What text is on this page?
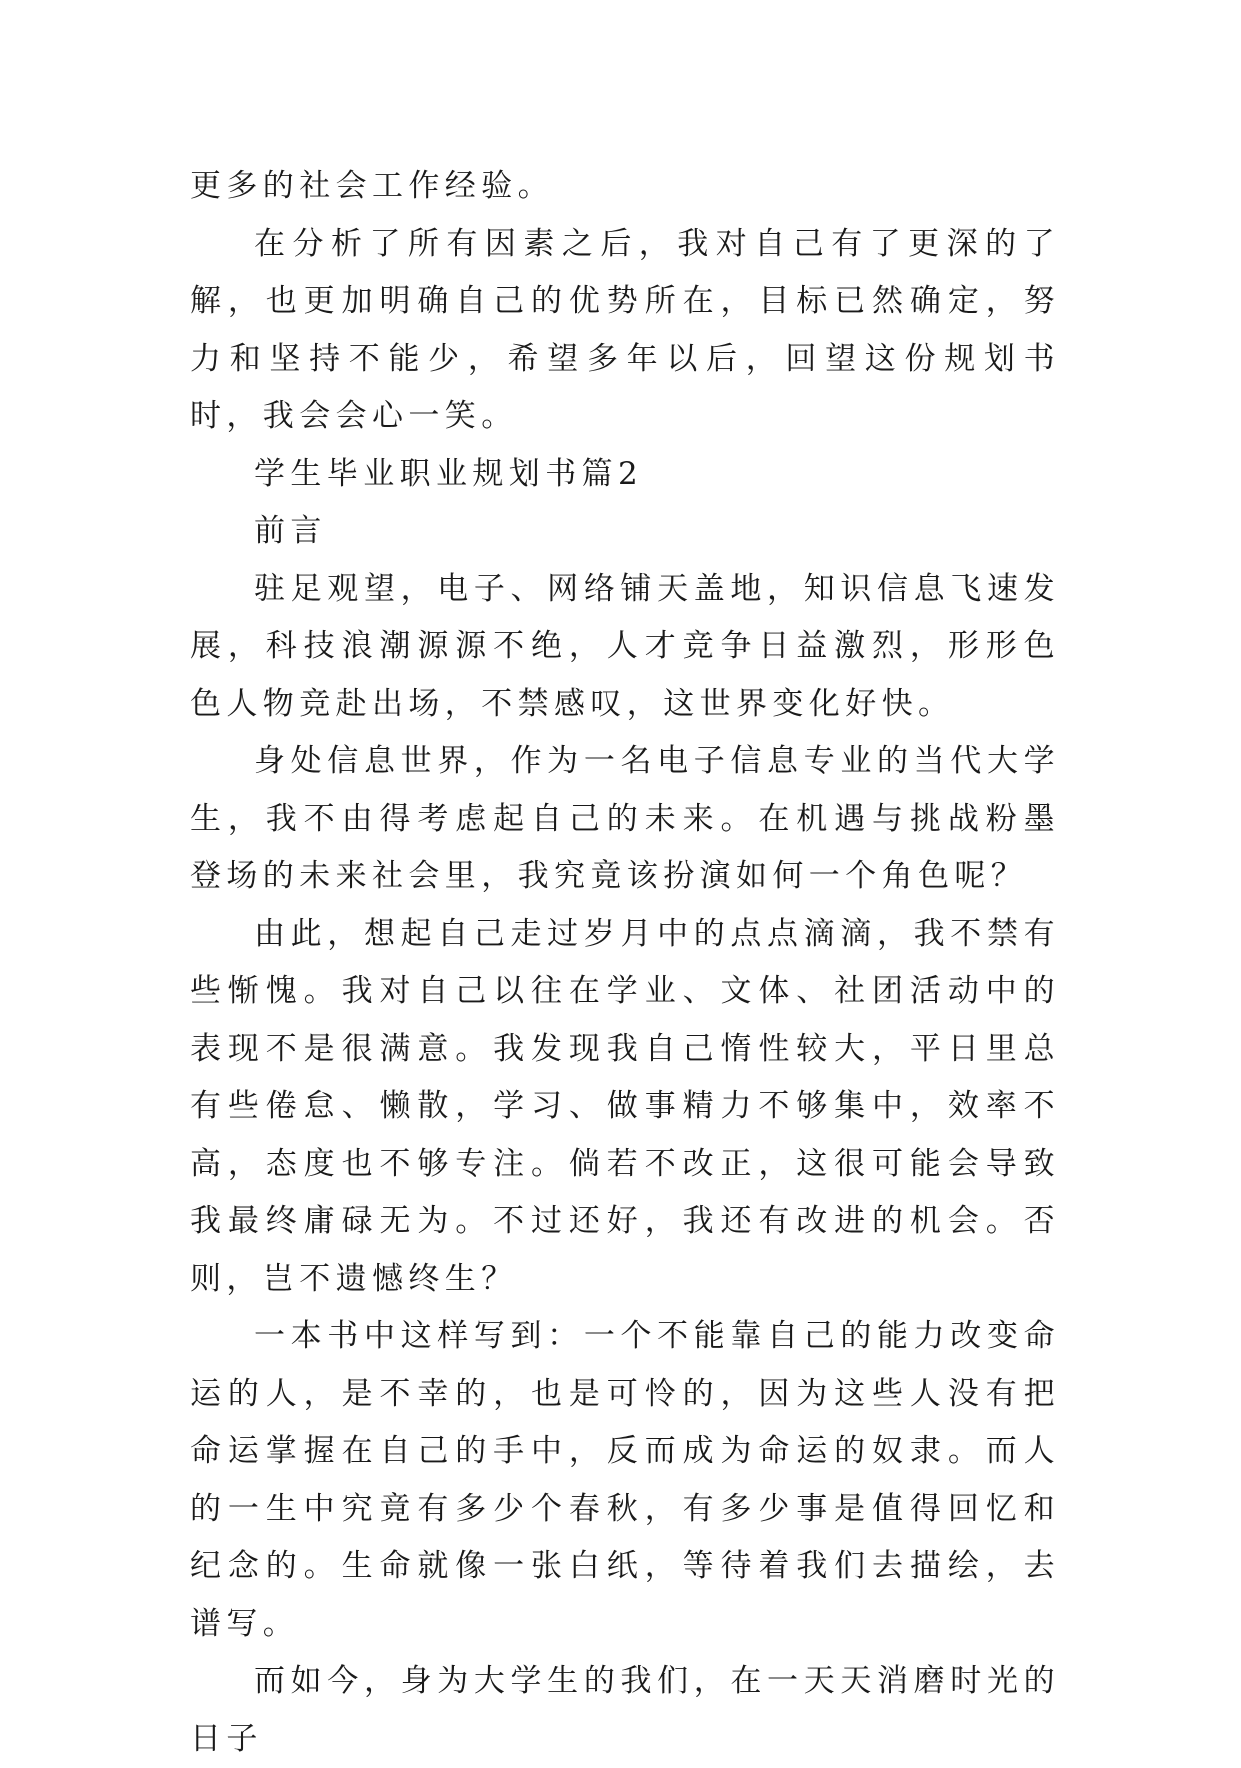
更多的社会工作经验。

在分析了所有因素之后，我对自己有了更深的了解，也更加明确自己的优势所在，目标已然确定，努力和坚持不能少，希望多年以后，回望这份规划书时，我会会心一笑。

学生毕业职业规划书篇2

前言

驻足观望，电子、网络铺天盖地，知识信息飞速发展，科技浪潮源源不绝，人才竞争日益激烈，形形色色人物竞赴出场，不禁感叹，这世界变化好快。

身处信息世界，作为一名电子信息专业的当代大学生，我不由得考虑起自己的未来。在机遇与挑战粉墨登场的未来社会里，我究竟该扮演如何一个角色呢？

由此，想起自己走过岁月中的点点滴滴，我不禁有些惭愧。我对自己以往在学业、文体、社团活动中的表现不是很满意。我发现我自己惰性较大，平日里总有些倦怠、懒散，学习、做事精力不够集中，效率不高，态度也不够专注。倘若不改正，这很可能会导致我最终庸碌无为。不过还好，我还有改进的机会。否则，岂不遗憾终生？

一本书中这样写到：一个不能靠自己的能力改变命运的人，是不幸的，也是可怜的，因为这些人没有把命运掌握在自己的手中，反而成为命运的奴隶。而人的一生中究竟有多少个春秋，有多少事是值得回忆和纪念的。生命就像一张白纸，等待着我们去描绘，去谱写。

而如今，身为大学生的我们，在一天天消磨时光的日子
